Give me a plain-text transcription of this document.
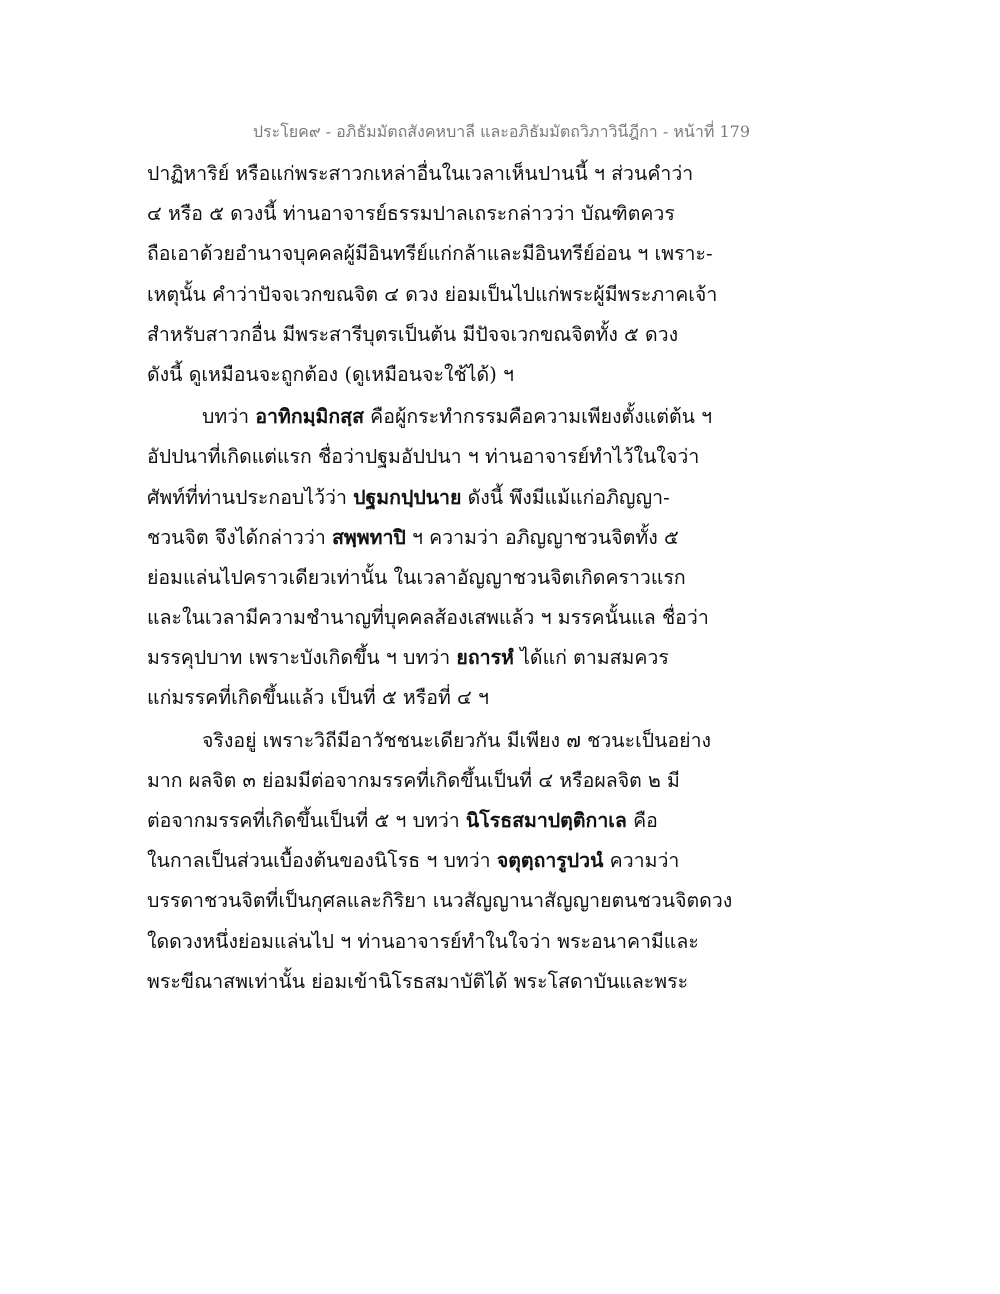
ประโยค๙ - อภิธัมมัตถสังคหบาลี และอภิธัมมัตถวิภาวินีฎีกา - หน้าที่ 179
ปาฏิหาริย์ หรือแก่พระสาวกเหล่าอื่นในเวลาเห็นปานนี้ ฯ ส่วนคำว่า
๔ หรือ ๕ ดวงนี้ ท่านอาจารย์ธรรมปาลเถระกล่าวว่า บัณฑิตควร
ถือเอาด้วยอำนาจบุคคลผู้มีอินทรีย์แก่กล้าและมีอินทรีย์อ่อน ฯ เพราะ-
เหตุนั้น คำว่าปัจจเวกขณจิต ๔ ดวง ย่อมเป็นไปแก่พระผู้มีพระภาคเจ้า
สำหรับสาวกอื่น มีพระสารีบุตรเป็นต้น มีปัจจเวกขณจิตทั้ง ๕ ดวง
ดังนี้ ดูเหมือนจะถูกต้อง (ดูเหมือนจะใช้ได้) ฯ
บทว่า อาทิกมฺมิกสฺส คือผู้กระทำกรรมคือความเพียงตั้งแต่ต้น ฯ
อัปปนาที่เกิดแต่แรก ชื่อว่าปฐมอัปปนา ฯ ท่านอาจารย์ทำไว้ในใจว่า
ศัพท์ที่ท่านประกอบไว้ว่า ปฐมกปฺปนาย ดังนี้ พึงมีแม้แก่อภิญญา-
ชวนจิต จึงได้กล่าวว่า สพฺพทาปิ ฯ ความว่า อภิญญาชวนจิตทั้ง ๕
ย่อมแล่นไปคราวเดียวเท่านั้น ในเวลาอัญญาชวนจิตเกิดคราวแรก
และในเวลามีความชำนาญที่บุคคลส้องเสพแล้ว ฯ มรรคนั้นแล ชื่อว่า
มรรคุปบาท เพราะบังเกิดขึ้น ฯ บทว่า ยถารหํ ได้แก่ ตามสมควร
แก่มรรคที่เกิดขึ้นแล้ว เป็นที่ ๕ หรือที่ ๔ ฯ
จริงอยู่ เพราะวิถีมีอาวัชชนะเดียวกัน มีเพียง ๗ ชวนะเป็นอย่าง
มาก ผลจิต ๓ ย่อมมีต่อจากมรรคที่เกิดขึ้นเป็นที่ ๔ หรือผลจิต ๒ มี
ต่อจากมรรคที่เกิดขึ้นเป็นที่ ๕ ฯ บทว่า นิโรธสมาปตฺติกาเล คือ
ในกาลเป็นส่วนเบื้องต้นของนิโรธ ฯ บทว่า จตุตฺถารูปวนํ ความว่า
บรรดาชวนจิตที่เป็นกุศลและกิริยา เนวสัญญานาสัญญายตนชวนจิตดวง
ใดดวงหนึ่งย่อมแล่นไป ฯ ท่านอาจารย์ทำในใจว่า พระอนาคามีและ
พระขีณาสพเท่านั้น ย่อมเข้านิโรธสมาบัติได้ พระโสดาบันและพระ
